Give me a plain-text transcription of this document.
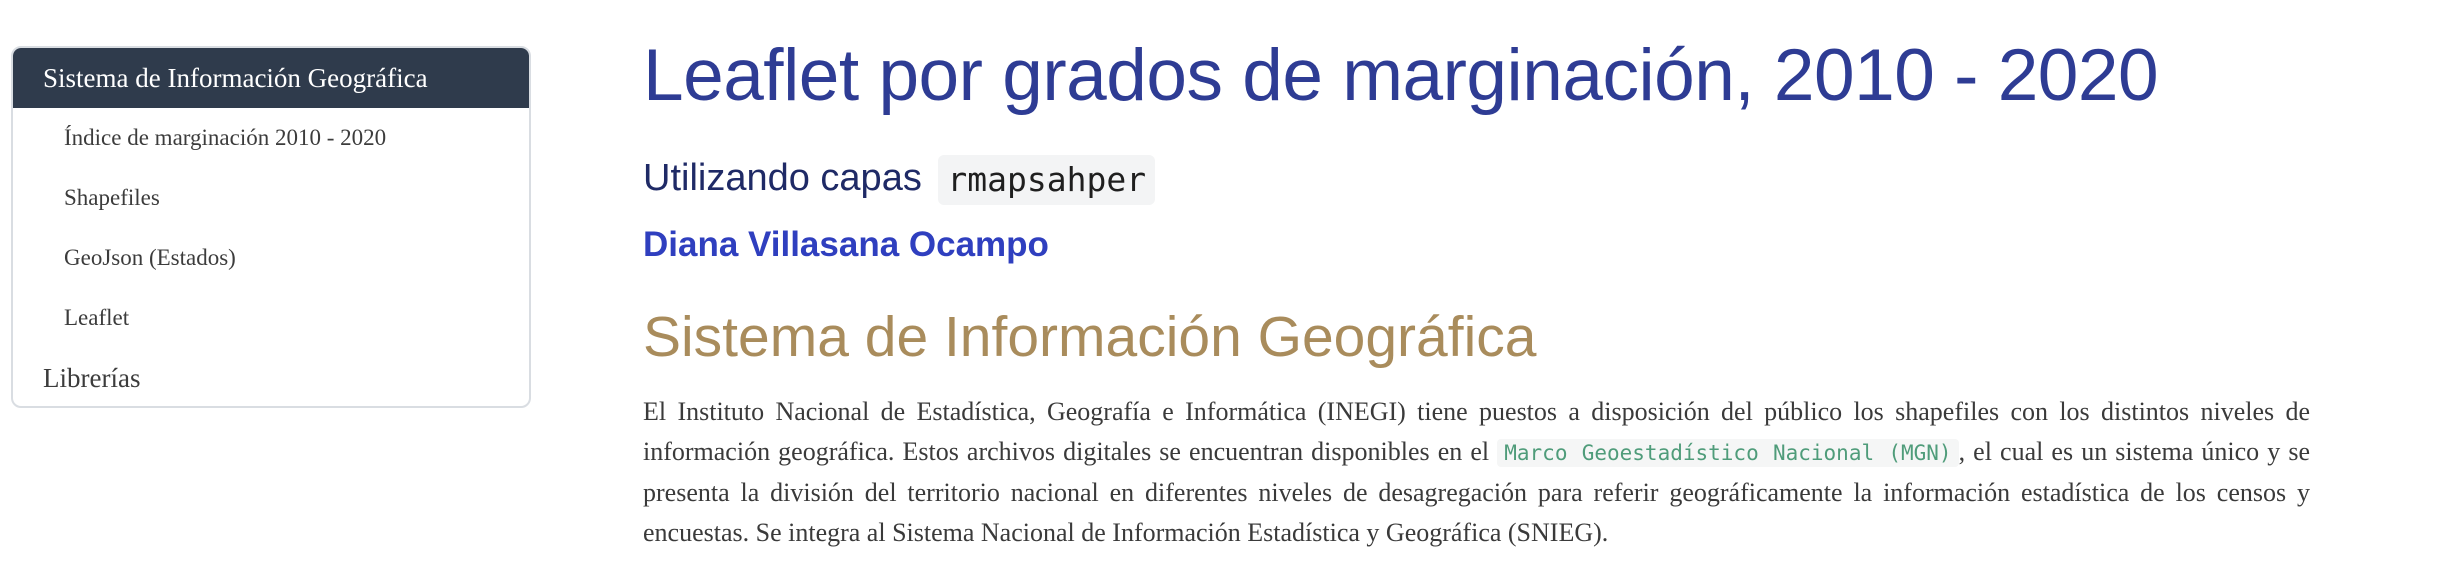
Sistema de Información Geográfica
Índice de marginación 2010 - 2020
Shapefiles
GeoJson (Estados)
Leaflet
Librerías
Leaflet por grados de marginación, 2010 - 2020
Utilizando capas rmapsahper
Diana Villasana Ocampo
Sistema de Información Geográfica

El Instituto Nacional de Estadística, Geografía e Informática (INEGI) tiene puestos a disposición del público los shapefiles con los distintos niveles de información geográfica. Estos archivos digitales se encuentran disponibles en el Marco Geoestadístico Nacional (MGN) , el cual es un sistema único y se presenta la división del territorio nacional en diferentes niveles de desagregación para referir geográficamente la información estadística de los censos y encuestas. Se integra al Sistema Nacional de Información Estadística y Geográfica (SNIEG).
